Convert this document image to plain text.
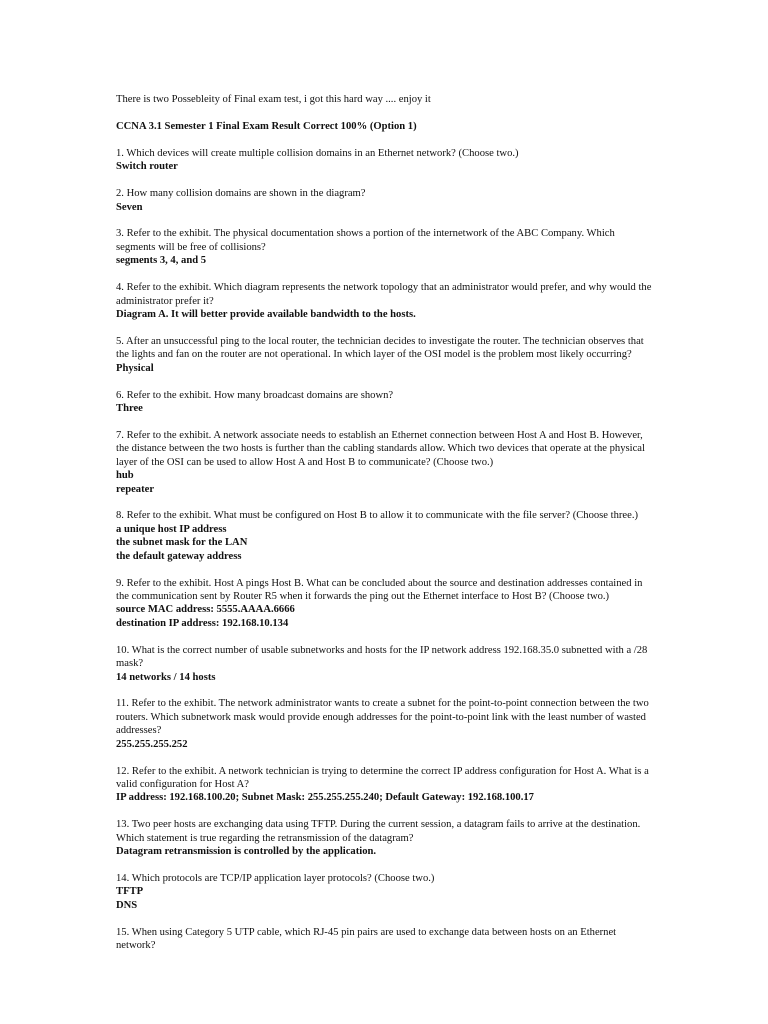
There is two Possebleity of Final exam test, i got this hard way .... enjoy it

CCNA 3.1 Semester 1 Final Exam Result Correct 100% (Option 1)

1. Which devices will create multiple collision domains in an Ethernet network? (Choose two.)
Switch router
2. How many collision domains are shown in the diagram?
Seven
3. Refer to the exhibit. The physical documentation shows a portion of the internetwork of the ABC Company. Which segments will be free of collisions?
segments 3, 4, and 5
4. Refer to the exhibit. Which diagram represents the network topology that an administrator would prefer, and why would the administrator prefer it?
Diagram A. It will better provide available bandwidth to the hosts.
5. After an unsuccessful ping to the local router, the technician decides to investigate the router. The technician observes that the lights and fan on the router are not operational. In which layer of the OSI model is the problem most likely occurring?
Physical
6. Refer to the exhibit. How many broadcast domains are shown?
Three
7. Refer to the exhibit. A network associate needs to establish an Ethernet connection between Host A and Host B. However, the distance between the two hosts is further than the cabling standards allow. Which two devices that operate at the physical layer of the OSI can be used to allow Host A and Host B to communicate? (Choose two.)
hub
repeater
8. Refer to the exhibit. What must be configured on Host B to allow it to communicate with the file server? (Choose three.)
a unique host IP address
the subnet mask for the LAN
the default gateway address
9. Refer to the exhibit. Host A pings Host B. What can be concluded about the source and destination addresses contained in the communication sent by Router R5 when it forwards the ping out the Ethernet interface to Host B? (Choose two.)
source MAC address: 5555.AAAA.6666
destination IP address: 192.168.10.134
10. What is the correct number of usable subnetworks and hosts for the IP network address 192.168.35.0 subnetted with a /28 mask?
14 networks / 14 hosts
11. Refer to the exhibit. The network administrator wants to create a subnet for the point-to-point connection between the two routers. Which subnetwork mask would provide enough addresses for the point-to-point link with the least number of wasted addresses?
255.255.255.252
12. Refer to the exhibit. A network technician is trying to determine the correct IP address configuration for Host A. What is a valid configuration for Host A?
IP address: 192.168.100.20; Subnet Mask: 255.255.255.240; Default Gateway: 192.168.100.17
13. Two peer hosts are exchanging data using TFTP. During the current session, a datagram fails to arrive at the destination. Which statement is true regarding the retransmission of the datagram?
Datagram retransmission is controlled by the application.
14. Which protocols are TCP/IP application layer protocols? (Choose two.)
TFTP
DNS
15. When using Category 5 UTP cable, which RJ-45 pin pairs are used to exchange data between hosts on an Ethernet network?
